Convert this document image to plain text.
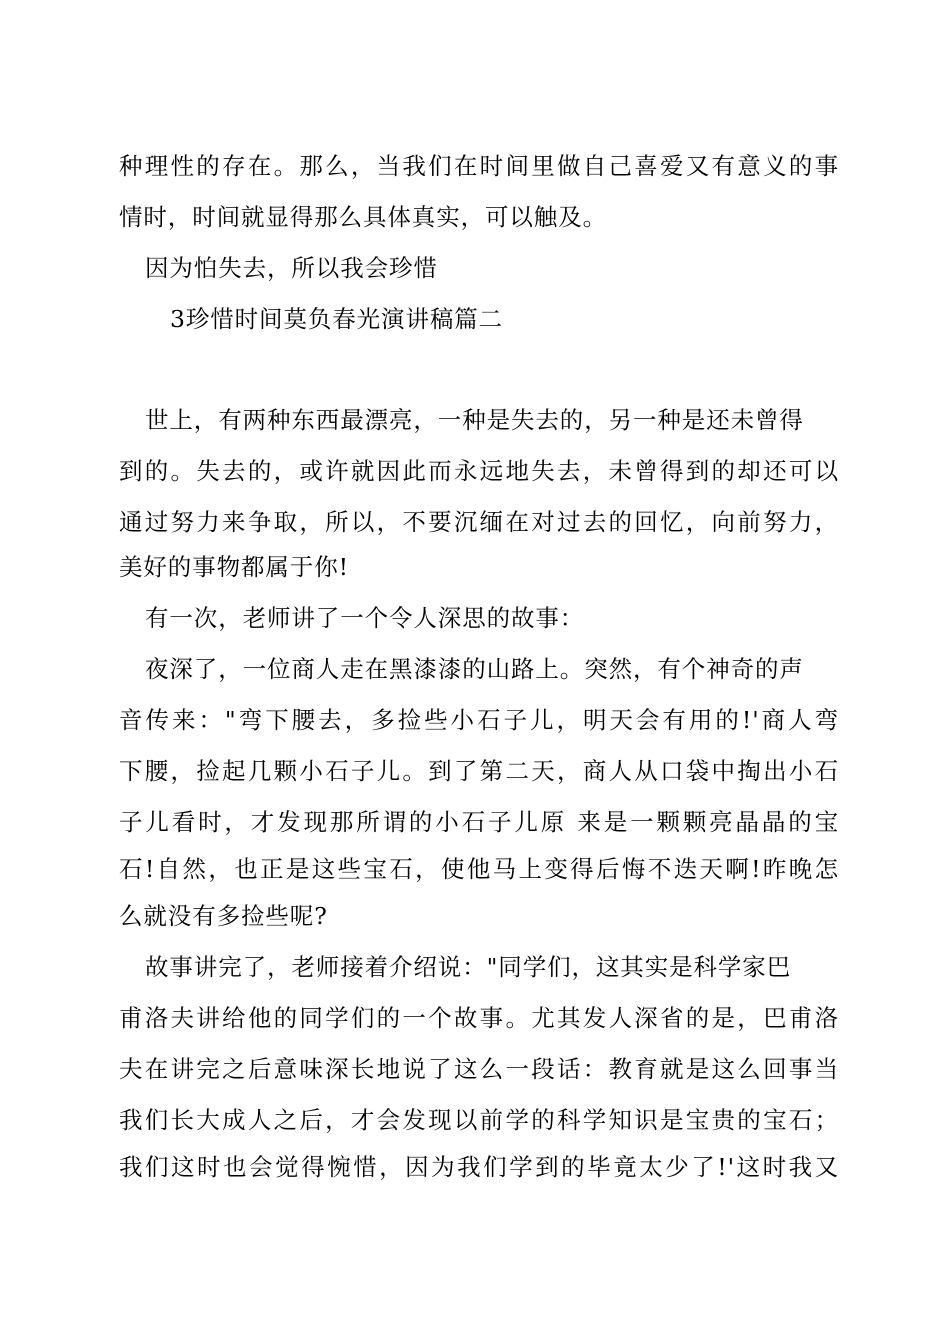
种理性的存在。那么，当我们在时间里做自己喜爱又有意义的事
情时，时间就显得那么具体真实，可以触及。
因为怕失去，所以我会珍惜
3珍惜时间莫负春光演讲稿篇二
世上，有两种东西最漂亮，一种是失去的，另一种是还未曾得
到的。失去的，或许就因此而永远地失去，未曾得到的却还可以
通过努力来争取，所以，不要沉缅在对过去的回忆，向前努力，
美好的事物都属于你!
有一次，老师讲了一个令人深思的故事：
夜深了，一位商人走在黑漆漆的山路上。突然，有个神奇的声
音传来："弯下腰去，多捡些小石子儿，明天会有用的!'商人弯
下腰，捡起几颗小石子儿。到了第二天，商人从口袋中掏出小石
子儿看时，才发现那所谓的小石子儿原 来是一颗颗亮晶晶的宝
石!自然，也正是这些宝石，使他马上变得后悔不迭天啊!昨晚怎
么就没有多捡些呢?
故事讲完了，老师接着介绍说："同学们，这其实是科学家巴
甫洛夫讲给他的同学们的一个故事。尤其发人深省的是，巴甫洛
夫在讲完之后意味深长地说了这么一段话：教育就是这么回事当
我们长大成人之后，才会发现以前学的科学知识是宝贵的宝石；
我们这时也会觉得惋惜，因为我们学到的毕竟太少了!'这时我又
